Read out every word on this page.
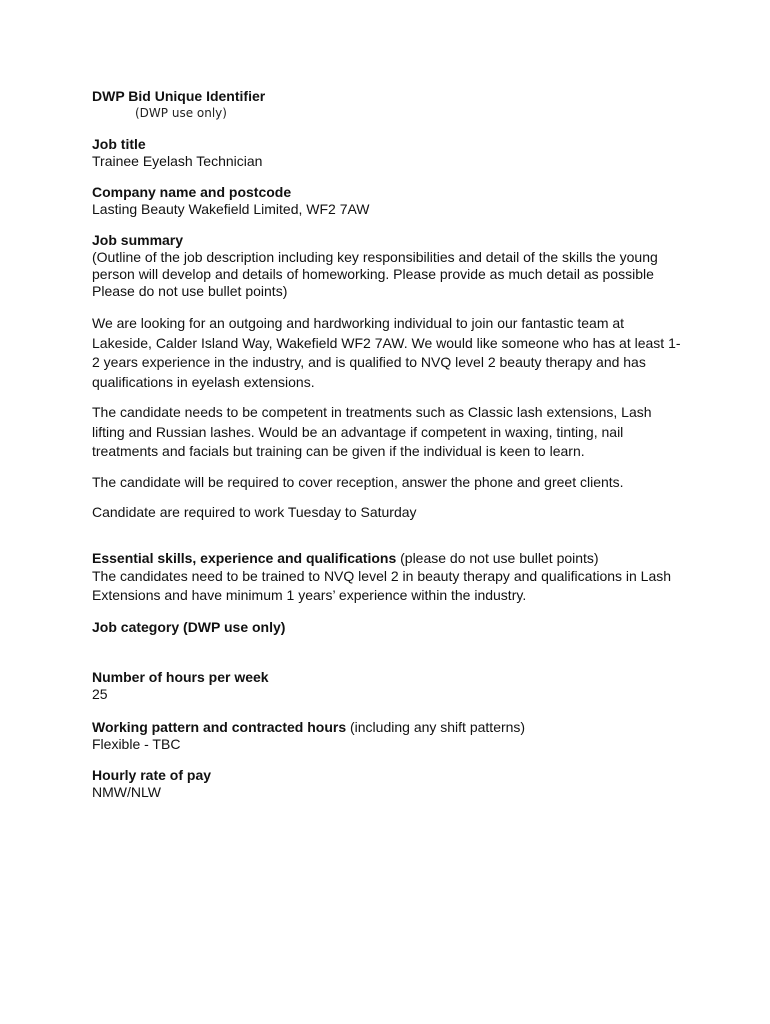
DWP Bid Unique Identifier
(DWP use only)
Job title
Trainee Eyelash Technician
Company name and postcode
Lasting Beauty Wakefield Limited, WF2 7AW
Job summary
(Outline of the job description including key responsibilities and detail of the skills the young person will develop and details of homeworking. Please provide as much detail as possible Please do not use bullet points)

We are looking for an outgoing and hardworking individual to join our fantastic team at Lakeside, Calder Island Way, Wakefield WF2 7AW. We would like someone who has at least 1-2 years experience in the industry, and is qualified to NVQ level 2 beauty therapy and has qualifications in eyelash extensions.

The candidate needs to be competent in treatments such as Classic lash extensions, Lash lifting and Russian lashes. Would be an advantage if competent in waxing, tinting, nail treatments and facials but training can be given if the individual is keen to learn.

The candidate will be required to cover reception, answer the phone and greet clients.

Candidate are required to work Tuesday to Saturday

Essential skills, experience and qualifications (please do not use bullet points)
The candidates need to be trained to NVQ level 2 in beauty therapy and qualifications in Lash Extensions and have minimum 1 years’ experience within the industry.
Job category (DWP use only)
Number of hours per week
25
Working pattern and contracted hours (including any shift patterns)
Flexible - TBC
Hourly rate of pay
NMW/NLW
